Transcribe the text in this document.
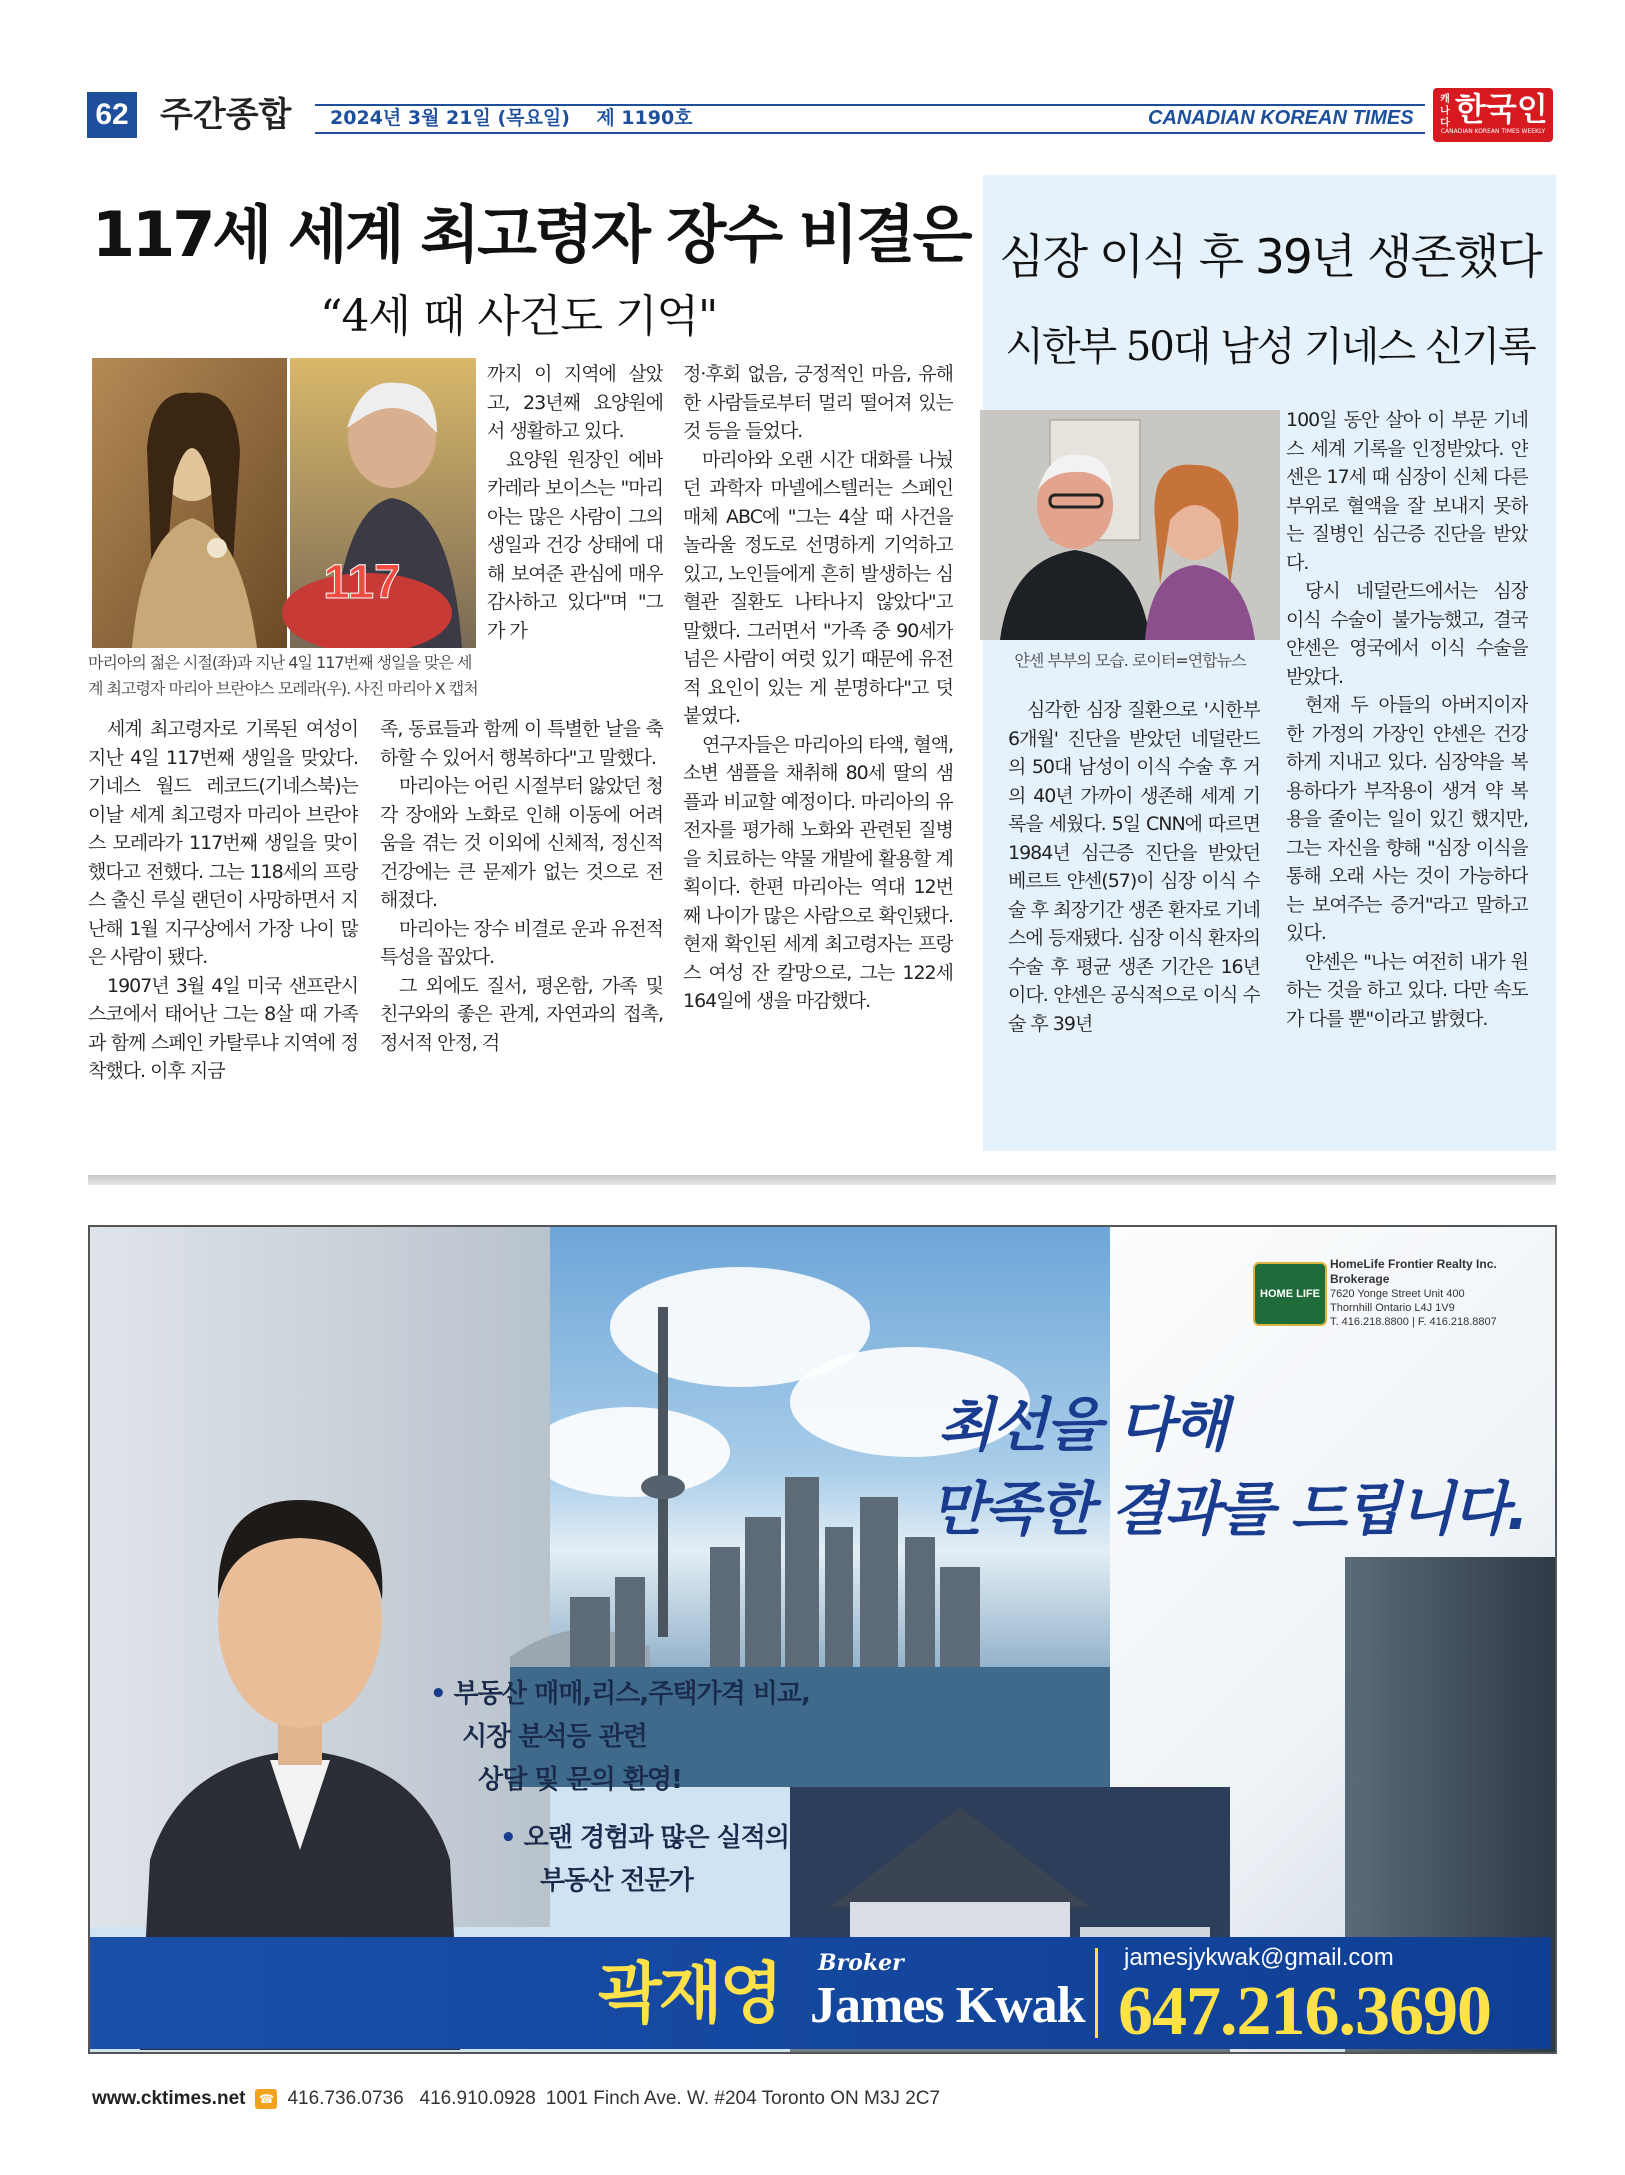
62 주간종합 2024년 3월 21일 (목요일)    제 1190호	CANADIAN KOREAN TIMES
캐나다 한국인
CANADIAN KOREAN TIMES WEEKLY
117세 세계 최고령자 장수 비결은
“4세 때 사건도 기억"
117
마리아의 젊은 시절(좌)과 지난 4일 117번째 생일을 맞은 세계 최고령자 마리아 브란야스 모레라(우). 사진 마리아 X 캡처

세계 최고령자로 기록된 여성이 지난 4일 117번째 생일을 맞았다. 기네스 월드 레코드(기네스북)는 이날 세계 최고령자 마리아 브란야스 모레라가 117번째 생일을 맞이했다고 전했다. 그는 118세의 프랑스 출신 루실 랜던이 사망하면서 지난해 1월 지구상에서 가장 나이 많은 사람이 됐다.

1907년 3월 4일 미국 샌프란시스코에서 태어난 그는 8살 때 가족과 함께 스페인 카탈루냐 지역에 정착했다. 이후 지금

까지 이 지역에 살았고, 23년째 요양원에서 생활하고 있다.

요양원 원장인 에바 카레라 보이스는 "마리아는 많은 사람이 그의 생일과 건강 상태에 대해 보여준 관심에 매우 감사하고 있다"며 "그가 가

족, 동료들과 함께 이 특별한 날을 축하할 수 있어서 행복하다"고 말했다.

마리아는 어린 시절부터 앓았던 청각 장애와 노화로 인해 이동에 어려움을 겪는 것 이외에 신체적, 정신적 건강에는 큰 문제가 없는 것으로 전해졌다.

마리아는 장수 비결로 운과 유전적 특성을 꼽았다.

그 외에도 질서, 평온함, 가족 및 친구와의 좋은 관계, 자연과의 접촉, 정서적 안정, 걱

정·후회 없음, 긍정적인 마음, 유해한 사람들로부터 멀리 떨어져 있는 것 등을 들었다.

마리아와 오랜 시간 대화를 나눴던 과학자 마넬에스텔러는 스페인 매체 ABC에 "그는 4살 때 사건을 놀라울 정도로 선명하게 기억하고 있고, 노인들에게 흔히 발생하는 심혈관 질환도 나타나지 않았다"고 말했다. 그러면서 "가족 중 90세가 넘은 사람이 여럿 있기 때문에 유전적 요인이 있는 게 분명하다"고 덧붙였다.

연구자들은 마리아의 타액, 혈액, 소변 샘플을 채취해 80세 딸의 샘플과 비교할 예정이다. 마리아의 유전자를 평가해 노화와 관련된 질병을 치료하는 약물 개발에 활용할 계획이다. 한편 마리아는 역대 12번째 나이가 많은 사람으로 확인됐다. 현재 확인된 세계 최고령자는 프랑스 여성 잔 칼망으로, 그는 122세 164일에 생을 마감했다.

심장 이식 후 39년 생존했다
시한부 50대 남성 기네스 신기록
얀센 부부의 모습. 로이터=연합뉴스

심각한 심장 질환으로 '시한부 6개월' 진단을 받았던 네덜란드의 50대 남성이 이식 수술 후 거의 40년 가까이 생존해 세계 기록을 세웠다. 5일 CNN에 따르면 1984년 심근증 진단을 받았던 베르트 얀센(57)이 심장 이식 수술 후 최장기간 생존 환자로 기네스에 등재됐다. 심장 이식 환자의 수술 후 평균 생존 기간은 16년이다. 얀센은 공식적으로 이식 수술 후 39년

100일 동안 살아 이 부문 기네스 세계 기록을 인정받았다. 얀센은 17세 때 심장이 신체 다른 부위로 혈액을 잘 보내지 못하는 질병인 심근증 진단을 받았다.

당시 네덜란드에서는 심장 이식 수술이 불가능했고, 결국 얀센은 영국에서 이식 수술을 받았다.

현재 두 아들의 아버지이자 한 가정의 가장인 얀센은 건강하게 지내고 있다. 심장약을 복용하다가 부작용이 생겨 약 복용을 줄이는 일이 있긴 했지만, 그는 자신을 향해 "심장 이식을 통해 오래 사는 것이 가능하다는 보여주는 증거"라고 말하고 있다.

얀센은 "나는 여전히 내가 원하는 것을 하고 있다. 다만 속도가 다를 뿐"이라고 밝혔다.

HomeLife Frontier Realty Inc. Brokerage
7620 Yonge Street Unit 400
Thornhill Ontario L4J 1V9
T. 416.218.8800 | F. 416.218.8807
HOME LIFE
최선을 다해
만족한 결과를 드립니다.
• 부동산 매매,리스,주택가격 비교,
시장 분석등 관련
상담 및 문의 환영!
• 오랜 경험과 많은 실적의
부동산 전문가
곽재영 Broker
James Kwak
jamesjykwak@gmail.com
647.216.3690
www.cktimes.net ☎ 416.736.0736   416.910.0928 1001 Finch Ave. W. #204 Toronto ON M3J 2C7
